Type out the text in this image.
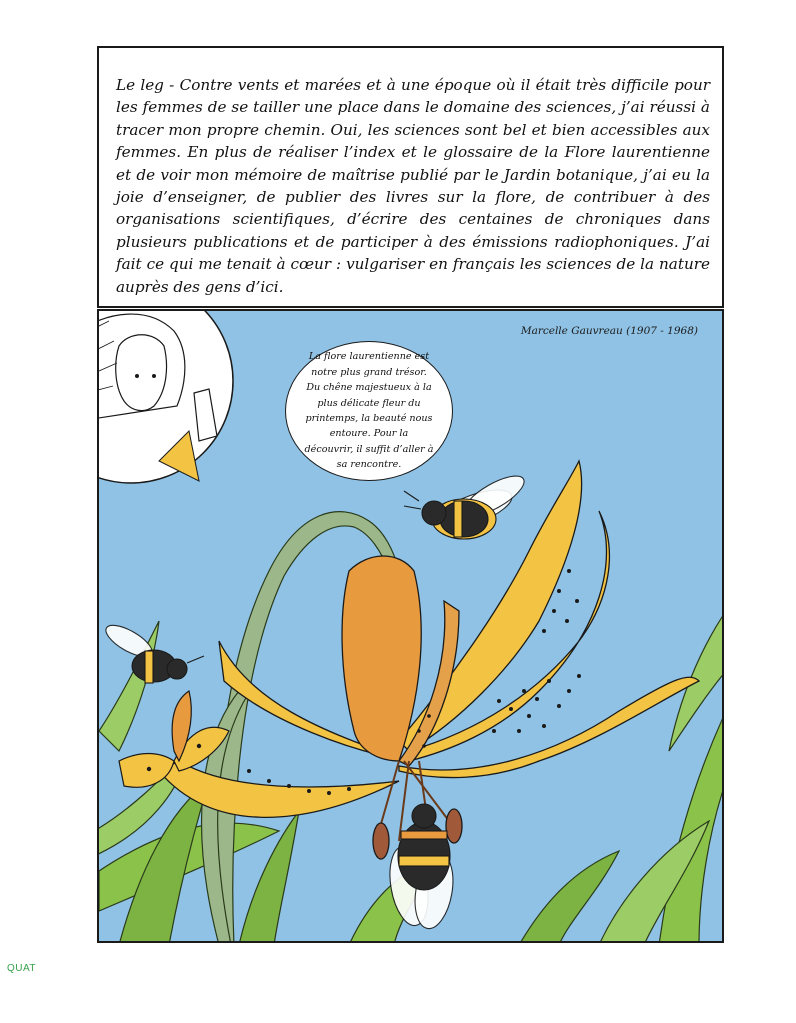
Le leg - Contre vents et marées et à une époque où il était très difficile pour les femmes de se tailler une place dans le domaine des sciences, j’ai réussi à tracer mon propre chemin. Oui, les sciences sont bel et bien accessibles aux femmes. En plus de réaliser l’index et le glossaire de la Flore laurentienne et de voir mon mémoire de maîtrise publié par le Jardin botanique, j’ai eu la joie d’enseigner, de publier des livres sur la flore, de contribuer à des organisations scientifiques, d’écrire des centaines de chroniques dans plusieurs publications et de participer à des émissions radiophoniques. J’ai fait ce qui me tenait à cœur : vulgariser en français les sciences de la nature auprès des gens d’ici.

Marcelle Gauvreau (1907 - 1968)
La flore laurentienne est notre plus grand trésor. Du chêne majestueux à la plus délicate fleur du printemps, la beauté nous entoure. Pour la découvrir, il suffit d’aller à sa rencontre.
QUAT
